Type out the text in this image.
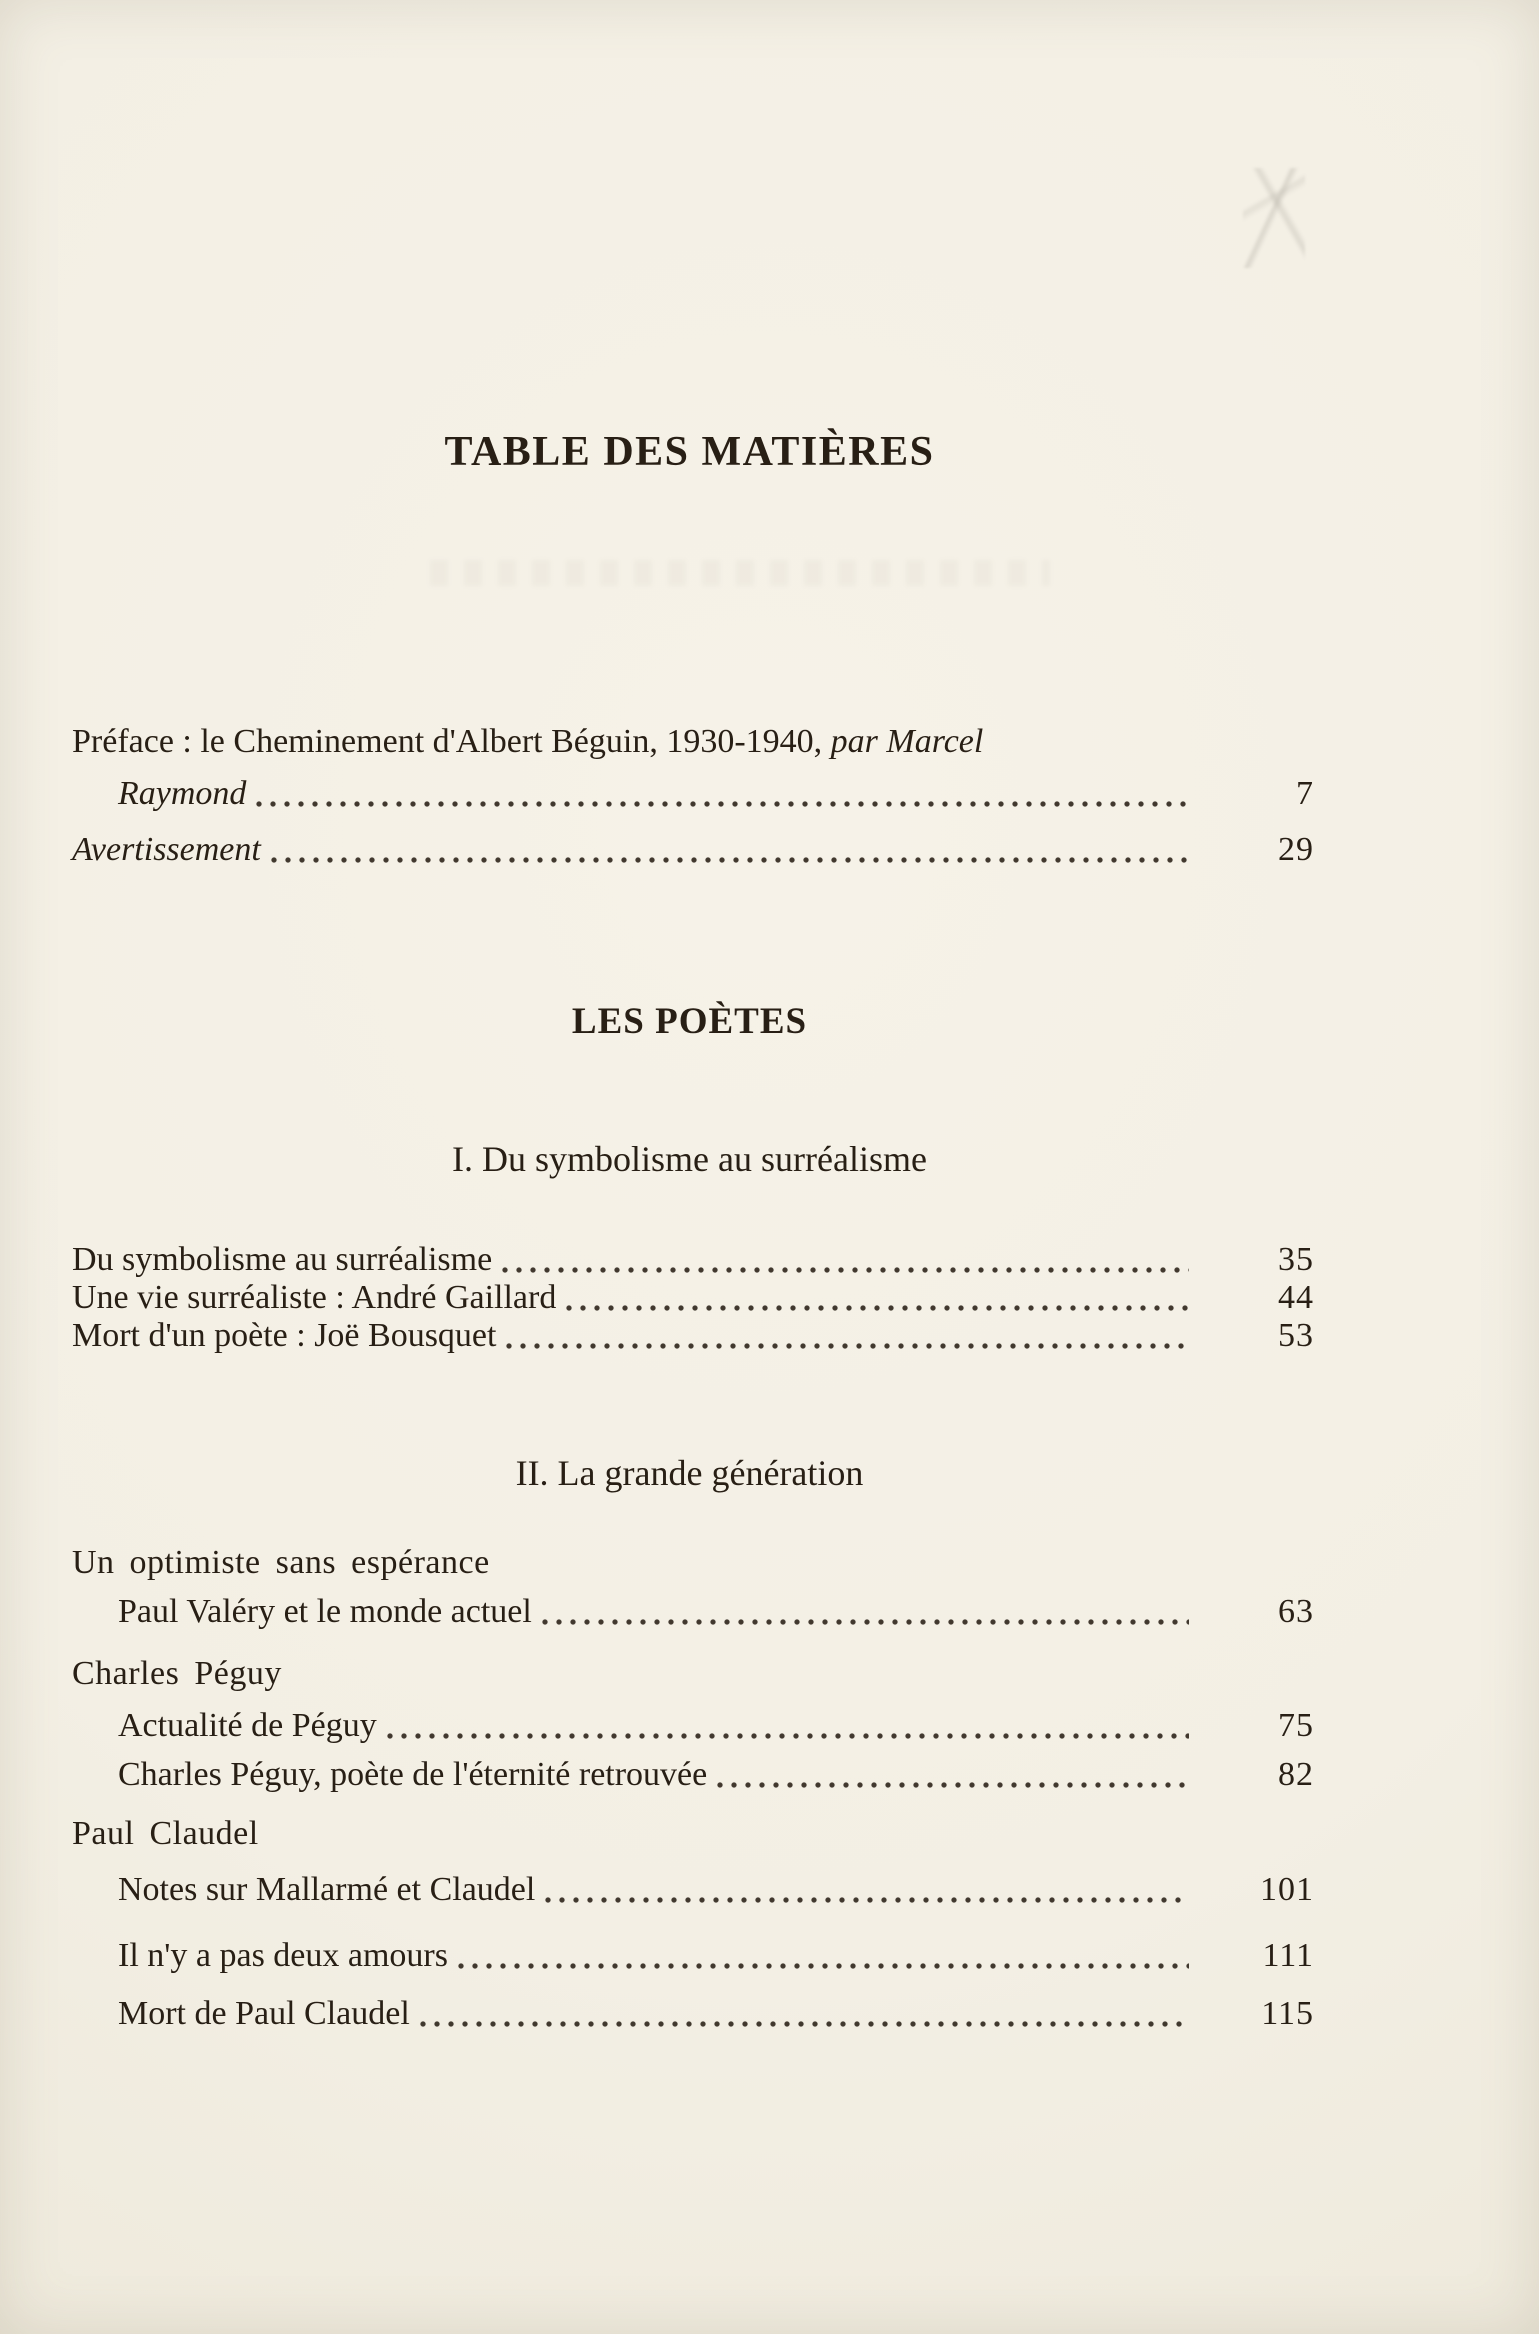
TABLE DES MATIÈRES
Préface : le Cheminement d'Albert Béguin, 1930-1940, par Marcel
Raymond	7
Avertissement	29
LES POÈTES
I. Du symbolisme au surréalisme
Du symbolisme au surréalisme	35
Une vie surréaliste : André Gaillard	44
Mort d'un poète : Joë Bousquet	53
II. La grande génération
Un optimiste sans espérance
Paul Valéry et le monde actuel	63
Charles Péguy
Actualité de Péguy	75
Charles Péguy, poète de l'éternité retrouvée	82
Paul Claudel
Notes sur Mallarmé et Claudel	101
Il n'y a pas deux amours	111
Mort de Paul Claudel	115
